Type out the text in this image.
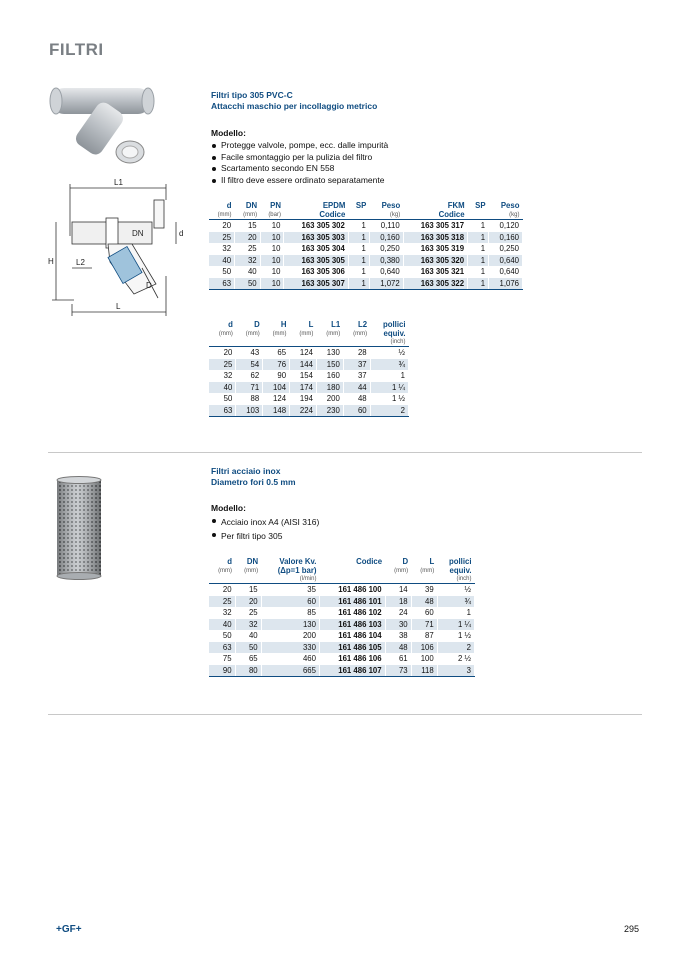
FILTRI
L1
H	L2
L
DN	d
D
Filtri tipo 305 PVC-C
Attacchi maschio per incollaggio metrico
Modello:
Protegge valvole, pompe, ecc. dalle impurità
Facile smontaggio per la pulizia del filtro
Scartamento secondo EN 558
Il filtro deve essere ordinato separatamente
d	DN	PN	EPDM	SP	Peso	FKM	SP	Peso
(mm)	(mm)	(bar)	Codice		(kg)	Codice		(kg)
20	15	10	163 305 302	1	0,110	163 305 317	1	0,120
25	20	10	163 305 303	1	0,160	163 305 318	1	0,160
32	25	10	163 305 304	1	0,250	163 305 319	1	0,250
40	32	10	163 305 305	1	0,380	163 305 320	1	0,640
50	40	10	163 305 306	1	0,640	163 305 321	1	0,640
63	50	10	163 305 307	1	1,072	163 305 322	1	1,076
d	D	H	L	L1	L2	pollici
(mm)	(mm)	(mm)	(mm)	(mm)	(mm)	equiv.
						(inch)
20	43	65	124	130	28	½
25	54	76	144	150	37	¾
32	62	90	154	160	37	1
40	71	104	174	180	44	1 ¼
50	88	124	194	200	48	1 ½
63	103	148	224	230	60	2
Filtri acciaio inox
Diametro fori 0.5 mm
Modello:
Acciaio inox A4 (AISI 316)
Per filtri tipo 305
d	DN	Valore Kv.	Codice	D	L	pollici
(mm)	(mm)	(Δp=1 bar)		(mm)	(mm)	equiv.
		(l/min)				(inch)
20	15	35	161 486 100	14	39	½
25	20	60	161 486 101	18	48	¾
32	25	85	161 486 102	24	60	1
40	32	130	161 486 103	30	71	1 ¼
50	40	200	161 486 104	38	87	1 ½
63	50	330	161 486 105	48	106	2
75	65	460	161 486 106	61	100	2 ½
90	80	665	161 486 107	73	118	3
+GF+	295
